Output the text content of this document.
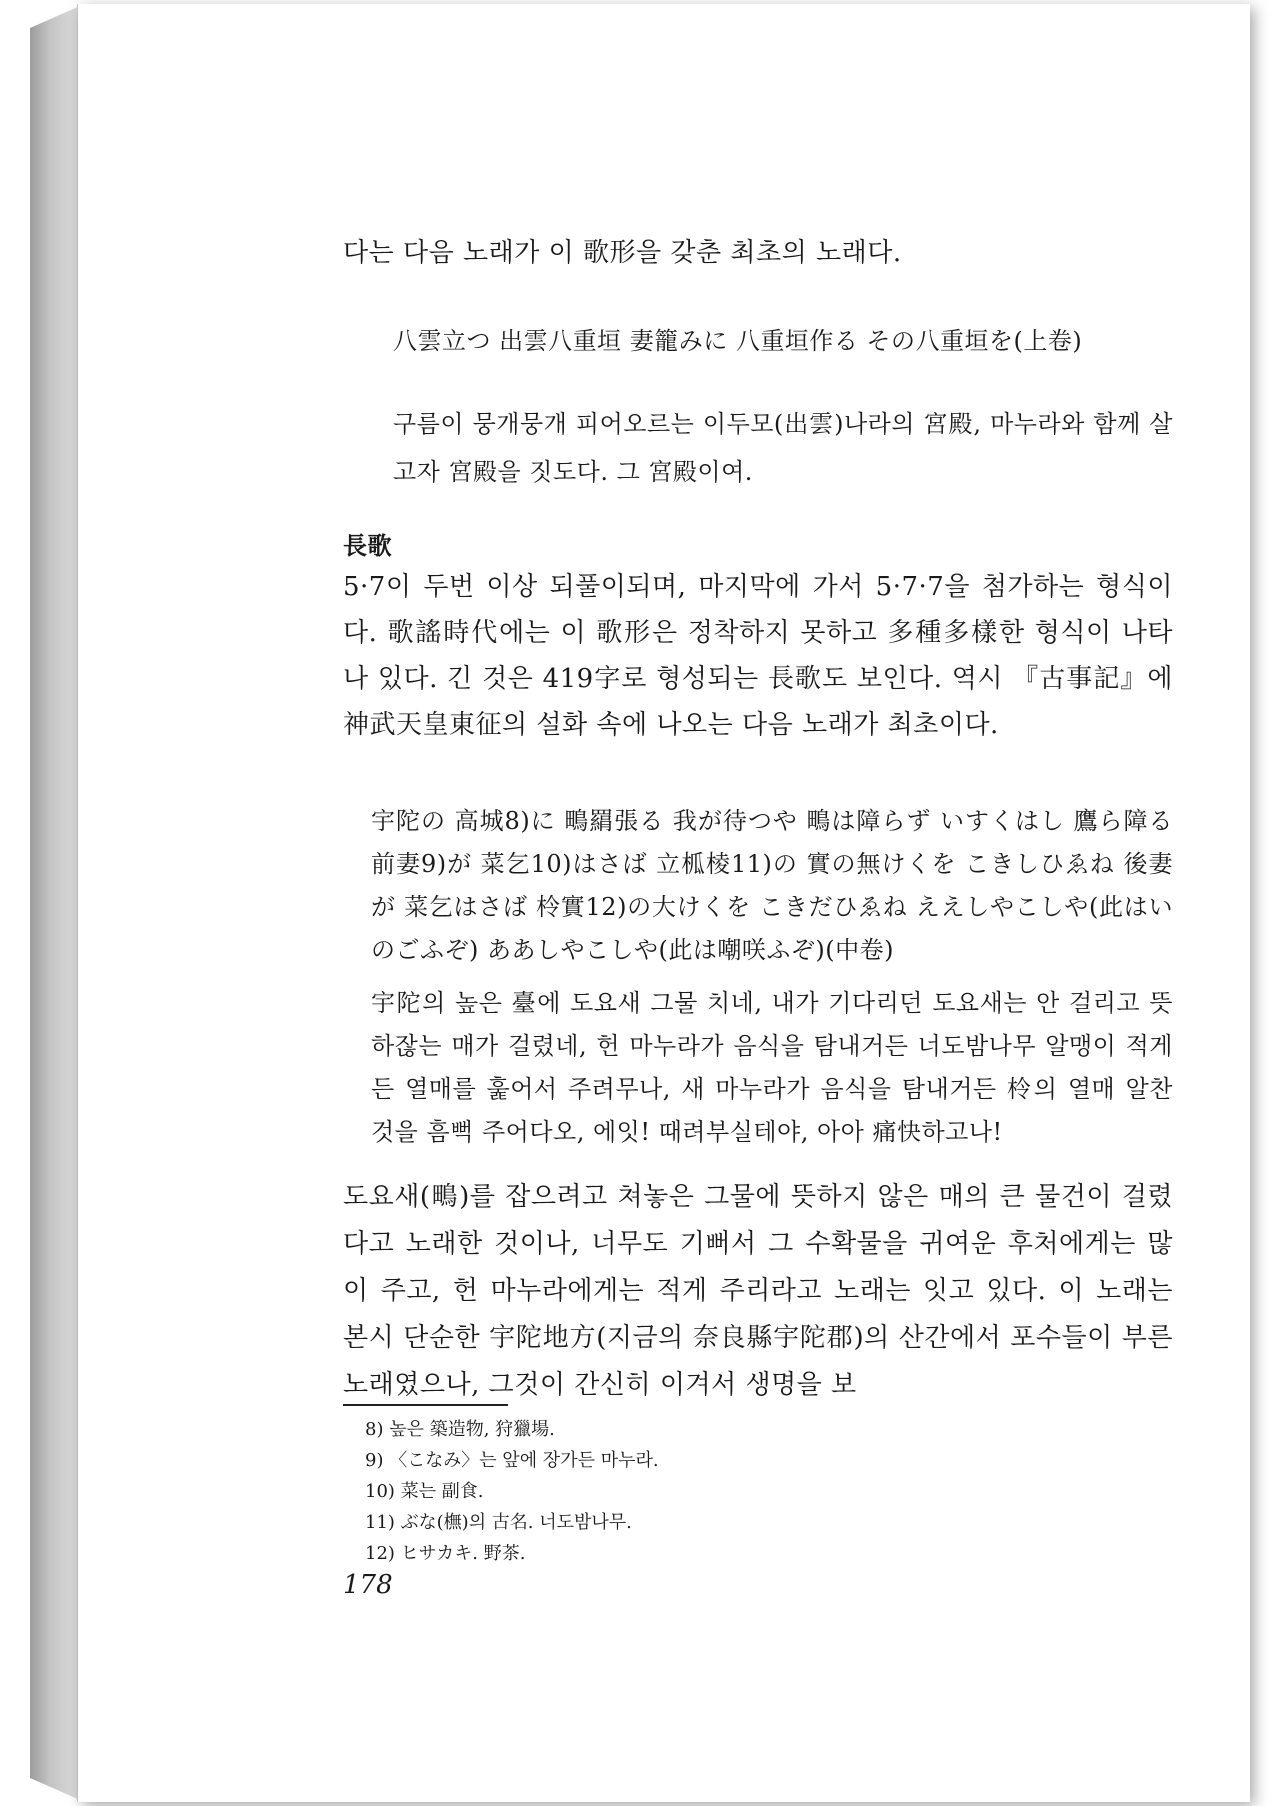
다는 다음 노래가 이 歌形을 갖춘 최초의 노래다.

八雲立つ 出雲八重垣 妻籠みに 八重垣作る その八重垣を(上卷)

구름이 뭉개뭉개 피어오르는 이두모(出雲)나라의 宮殿, 마누라와 함께 살고자 宮殿을 짓도다. 그 宮殿이여.

長歌

5·7이 두번 이상 되풀이되며, 마지막에 가서 5·7·7을 첨가하는 형식이다. 歌謠時代에는 이 歌形은 정착하지 못하고 多種多樣한 형식이 나타나 있다. 긴 것은 419字로 형성되는 長歌도 보인다. 역시 『古事記』에 神武天皇東征의 설화 속에 나오는 다음 노래가 최초이다.

宇陀の 高城8)に 鴫羂張る 我が待つや 鴫は障らず いすくはし 鷹ら障る 前妻9)が 菜乞10)はさば 立柧棱11)の 實の無けくを こきしひゑね 後妻が 菜乞はさば 柃實12)の大けくを こきだひゑね ええしやこしや(此はいのごふぞ) ああしやこしや(此は嘲咲ふぞ)(中卷)

宇陀의 높은 臺에 도요새 그물 치네, 내가 기다리던 도요새는 안 걸리고 뜻하잖는 매가 걸렸네, 헌 마누라가 음식을 탐내거든 너도밤나무 알맹이 적게 든 열매를 훑어서 주려무나, 새 마누라가 음식을 탐내거든 柃의 열매 알찬 것을 흠뻑 주어다오, 에잇! 때려부실테야, 아아 痛快하고나!

도요새(鴫)를 잡으려고 쳐놓은 그물에 뜻하지 않은 매의 큰 물건이 걸렸다고 노래한 것이나, 너무도 기뻐서 그 수확물을 귀여운 후처에게는 많이 주고, 헌 마누라에게는 적게 주리라고 노래는 잇고 있다. 이 노래는 본시 단순한 宇陀地方(지금의 奈良縣宇陀郡)의 산간에서 포수들이 부른 노래였으나, 그것이 간신히 이겨서 생명을 보

8) 높은 築造物, 狩獵場.

9) 〈こなみ〉는 앞에 장가든 마누라.

10) 菜는 副食.

11) ぶな(橅)의 古名. 너도밤나무.

12) ヒサカキ. 野茶.

178
